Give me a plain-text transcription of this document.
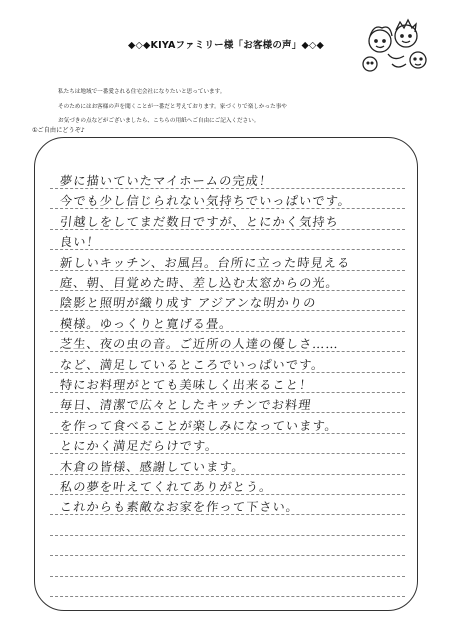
◆◇◆KIYAファミリー様「お客様の声」◆◇◆

私たちは地域で一番愛される住宅会社になりたいと思っています。

そのためにはお客様の声を聞くことが一番だと考えております。家づくりで楽しかった事や

お気づきの点などがございましたら、こちらの用紙へご自由にご記入ください。

①ご自由にどうぞ♪
夢に描いていたマイホームの完成！
今でも少し信じられない気持ちでいっぱいです。
引越しをしてまだ数日ですが、とにかく気持ち
良い！
新しいキッチン、お風呂。台所に立った時見える
庭、朝、目覚めた時、差し込む太窓からの光。
陰影と照明が織り成す アジアンな明かりの
模様。ゆっくりと寛げる畳。
芝生、夜の虫の音。ご近所の人達の優しさ……
など、満足しているところでいっぱいです。
特にお料理がとても美味しく出来ること！
毎日、清潔で広々としたキッチンでお料理
を作って食べることが楽しみになっています。
とにかく満足だらけです。
木倉の皆様、感謝しています。
私の夢を叶えてくれてありがとう。
これからも素敵なお家を作って下さい。
